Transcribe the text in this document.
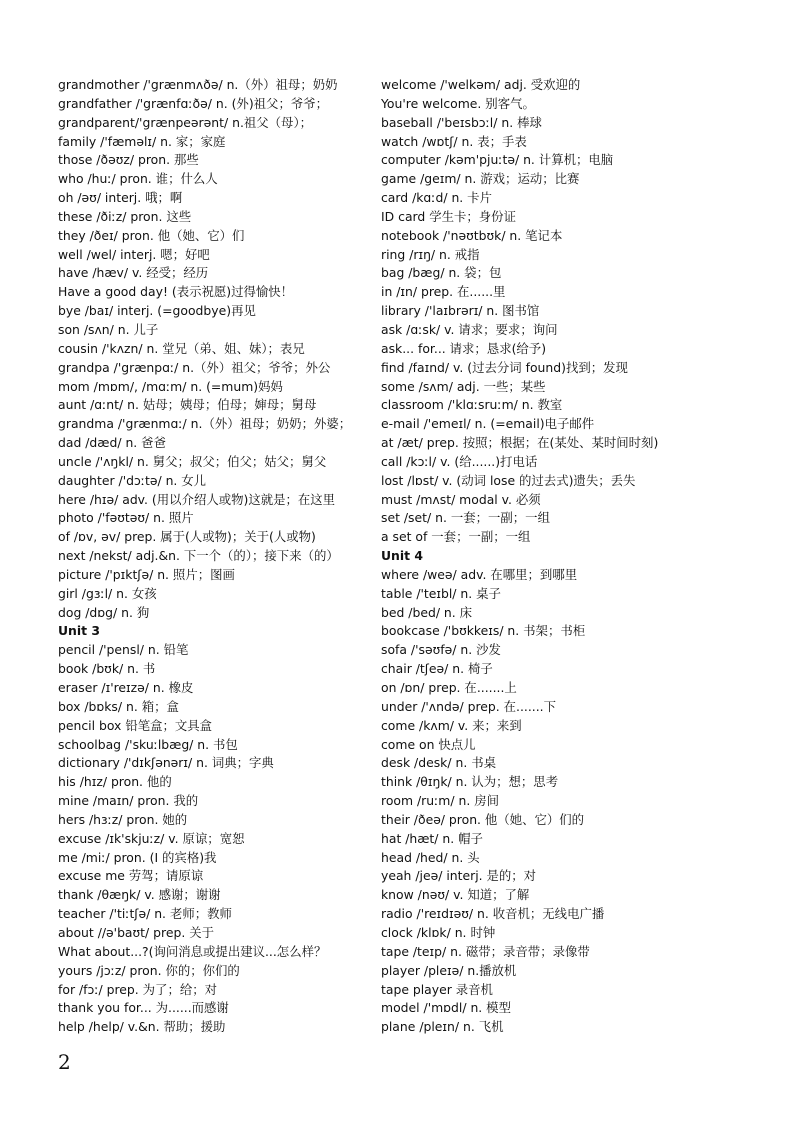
grandmother /'grænmʌðə/ n.（外）祖母；奶奶
grandfather /'grænfɑːðə/ n. (外)祖父；爷爷；
grandparent/'grænpeərənt/ n.祖父（母）；
family /'fæməlɪ/ n. 家；家庭
those /ðəʊz/ pron. 那些
who /huː/ pron. 谁；什么人
oh /əʊ/ interj. 哦；啊
these /ðiːz/ pron. 这些
they /ðeɪ/ pron. 他（她、它）们
well /wel/ interj. 嗯；好吧
have /hæv/ v. 经受；经历
Have a good day! (表示祝愿)过得愉快！
bye /baɪ/ interj. (=goodbye)再见
son /sʌn/ n. 儿子
cousin /'kʌzn/ n. 堂兄（弟、姐、妹）；表兄
grandpa /'grænpɑː/ n.（外）祖父；爷爷；外公
mom /mɒm/, /mɑːm/ n. (=mum)妈妈
aunt /ɑːnt/ n. 姑母；姨母；伯母；婶母；舅母
grandma /'grænmɑː/ n.（外）祖母；奶奶；外婆；
dad /dæd/ n. 爸爸
uncle /'ʌŋkl/ n. 舅父；叔父；伯父；姑父；舅父
daughter /'dɔːtə/ n. 女儿
here /hɪə/ adv. (用以介绍人或物)这就是；在这里
photo /'fəʊtəʊ/ n. 照片
of /ɒv, əv/ prep. 属于(人或物)；关于(人或物)
next /nekst/ adj.&n. 下一个（的）；接下来（的）
picture /'pɪktʃə/ n. 照片；图画
girl /gɜːl/ n. 女孩
dog /dɒg/ n. 狗
Unit 3
pencil /'pensl/ n. 铅笔
book /bʊk/ n. 书
eraser /ɪ'reɪzə/ n. 橡皮
box /bɒks/ n. 箱；盒
pencil box 铅笔盒；文具盒
schoolbag /'skuːlbæg/ n. 书包
dictionary /'dɪkʃənərɪ/ n. 词典；字典
his /hɪz/ pron. 他的
mine /maɪn/ pron. 我的
hers /hɜːz/ pron. 她的
excuse /ɪk'skjuːz/ v. 原谅；宽恕
me /miː/ pron. (I 的宾格)我
excuse me 劳驾；请原谅
thank /θæŋk/ v. 感谢；谢谢
teacher /'tiːtʃə/ n. 老师；教师
about //ə'baʊt/ prep. 关于
What about...?(询问消息或提出建议...怎么样？
yours /jɔːz/ pron. 你的；你们的
for /fɔː/ prep. 为了；给；对
thank you for... 为......而感谢
help /help/ v.&n. 帮助；援助
welcome /'welkəm/ adj. 受欢迎的
You're welcome. 别客气。
baseball /'beɪsbɔːl/ n. 棒球
watch /wɒtʃ/ n. 表；手表
computer /kəm'pjuːtə/ n. 计算机；电脑
game /geɪm/ n. 游戏；运动；比赛
card /kɑːd/ n. 卡片
ID card 学生卡；身份证
notebook /'nəʊtbʊk/ n. 笔记本
ring /rɪŋ/ n. 戒指
bag /bæg/ n. 袋；包
in /ɪn/ prep. 在......里
library /'laɪbrərɪ/ n. 图书馆
ask /ɑːsk/ v. 请求；要求；询问
ask... for... 请求；恳求(给予)
find /faɪnd/ v. (过去分词 found)找到；发现
some /sʌm/ adj. 一些；某些
classroom /'klɑːsruːm/ n. 教室
e-mail /'emeɪl/ n. (=email)电子邮件
at /æt/ prep. 按照；根据；在(某处、某时间时刻)
call /kɔːl/ v. (给......)打电话
lost /lɒst/ v. (动词 lose 的过去式)遗失；丢失
must /mʌst/ modal v. 必须
set /set/ n. 一套；一副；一组
a set of 一套；一副；一组
Unit 4
where /weə/ adv. 在哪里；到哪里
table /'teɪbl/ n. 桌子
bed /bed/ n. 床
bookcase /'bʊkkeɪs/ n. 书架；书柜
sofa /'səʊfə/ n. 沙发
chair /tʃeə/ n. 椅子
on /ɒn/ prep. 在.......上
under /'ʌndə/ prep. 在.......下
come /kʌm/ v. 来；来到
come on 快点儿
desk /desk/ n. 书桌
think /θɪŋk/ n. 认为；想；思考
room /ruːm/ n. 房间
their /ðeə/ pron. 他（她、它）们的
hat /hæt/ n. 帽子
head /hed/ n. 头
yeah /jeə/ interj. 是的；对
know /nəʊ/ v. 知道；了解
radio /'reɪdɪəʊ/ n. 收音机；无线电广播
clock /klɒk/ n. 时钟
tape /teɪp/ n. 磁带；录音带；录像带
player /pleɪə/ n.播放机
tape player 录音机
model /'mɒdl/ n. 模型
plane /pleɪn/ n. 飞机
2
